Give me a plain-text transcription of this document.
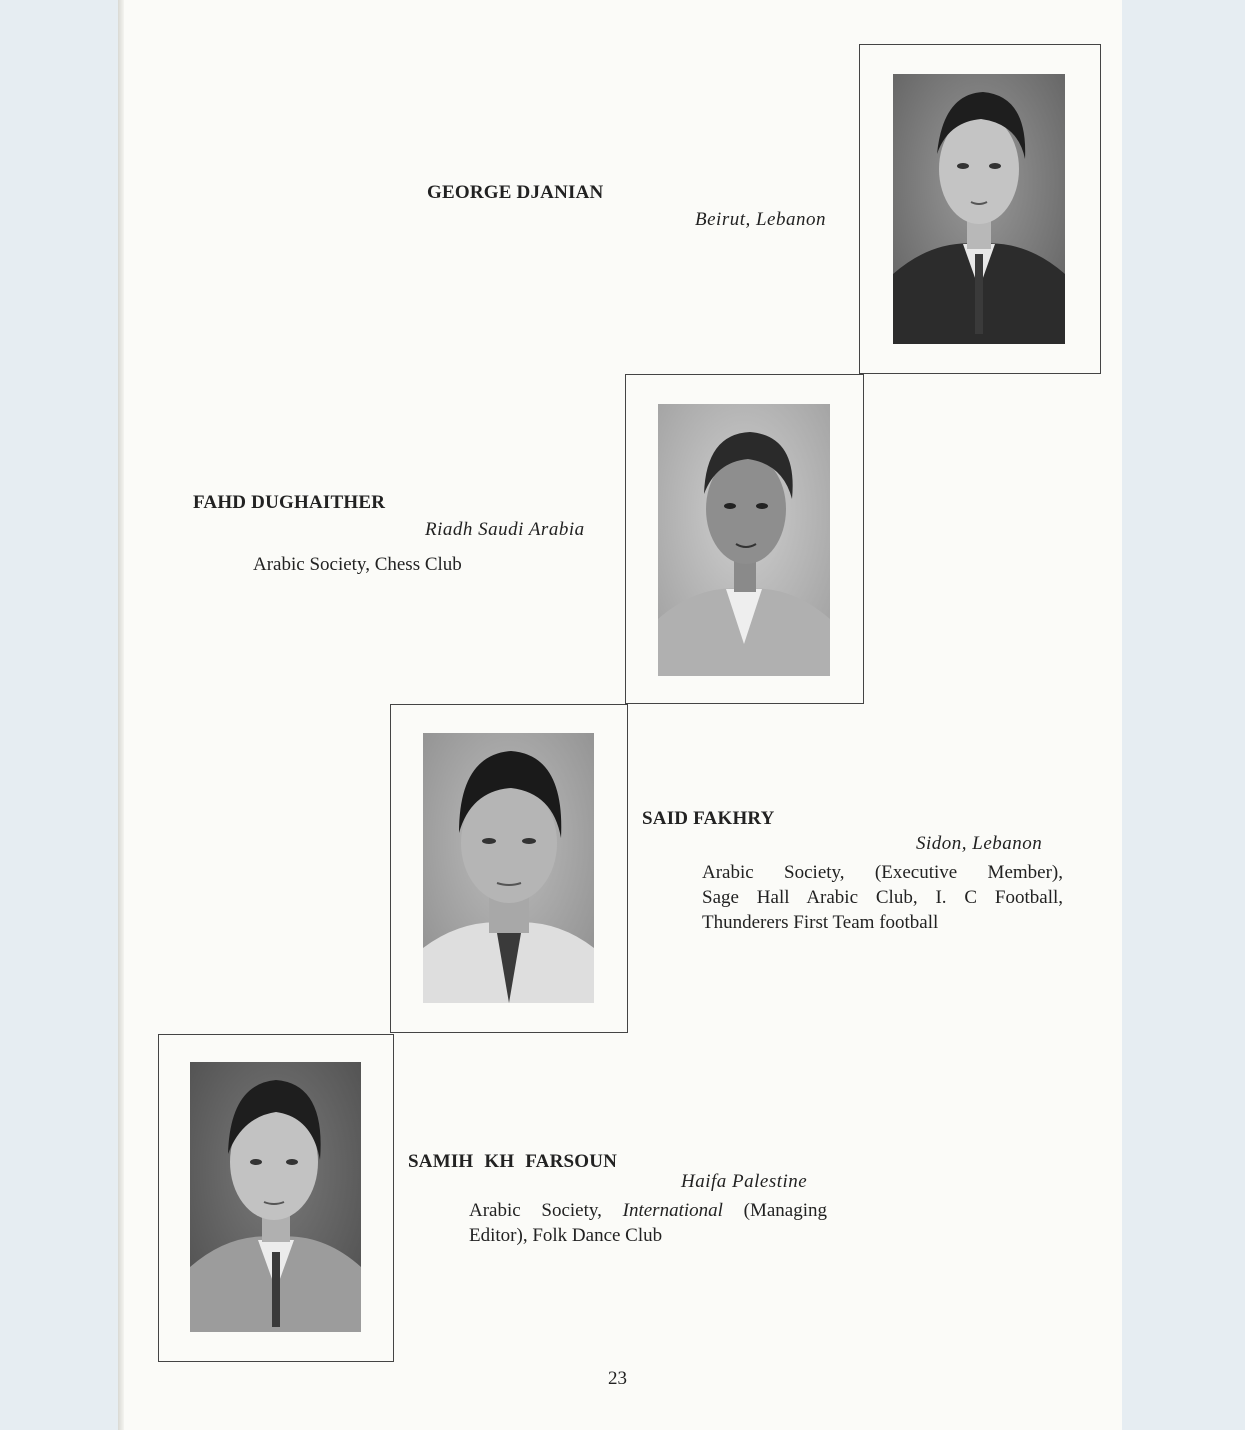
GEORGE DJANIAN
Beirut, Lebanon
FAHD DUGHAITHER
Riadh Saudi Arabia
Arabic Society, Chess Club
SAID FAKHRY
Sidon, Lebanon
Arabic Society, (Executive Member),
Sage Hall Arabic Club, I. C Football,
Thunderers First Team football
SAMIH KH FARSOUN
Haifa Palestine
Arabic Society, International (Managing
Editor), Folk Dance Club
23
